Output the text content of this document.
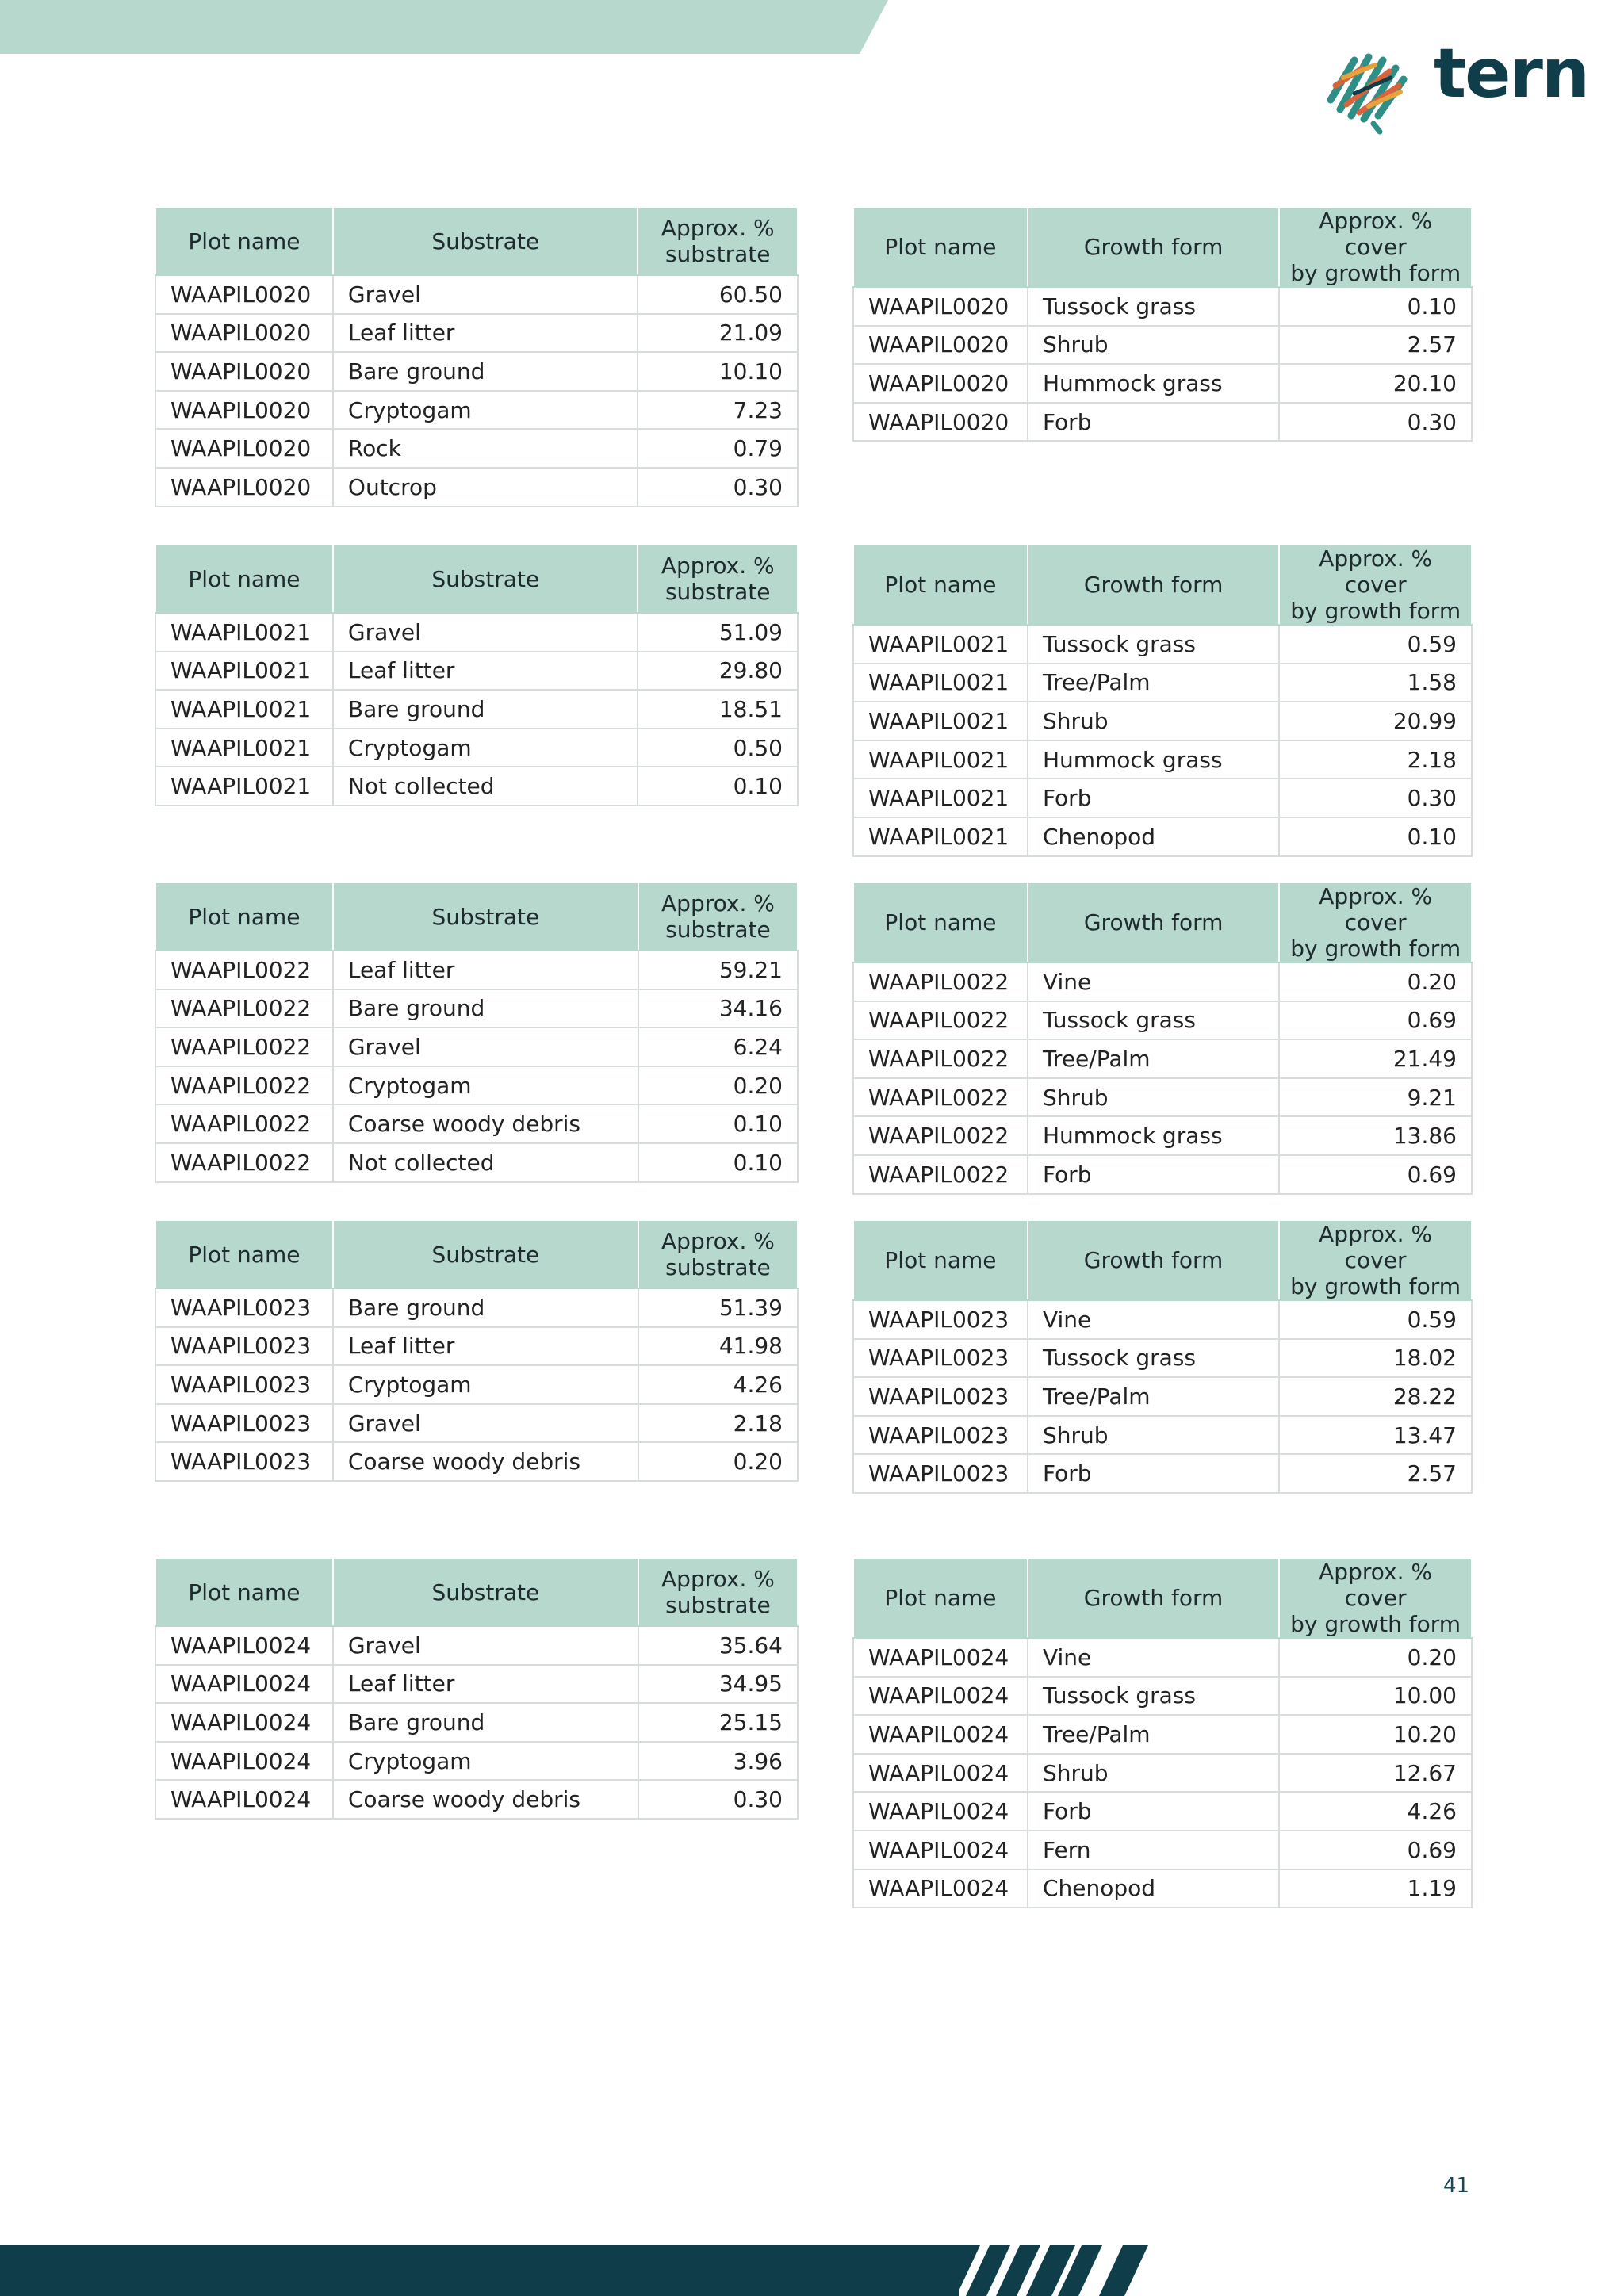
tern
Plot name	Substrate	Approx. %
substrate
WAAPIL0020	Gravel	60.50
WAAPIL0020	Leaf litter	21.09
WAAPIL0020	Bare ground	10.10
WAAPIL0020	Cryptogam	7.23
WAAPIL0020	Rock	0.79
WAAPIL0020	Outcrop	0.30
Plot name	Growth form	Approx. % cover
by growth form
WAAPIL0020	Tussock grass	0.10
WAAPIL0020	Shrub	2.57
WAAPIL0020	Hummock grass	20.10
WAAPIL0020	Forb	0.30
Plot name	Substrate	Approx. %
substrate
WAAPIL0021	Gravel	51.09
WAAPIL0021	Leaf litter	29.80
WAAPIL0021	Bare ground	18.51
WAAPIL0021	Cryptogam	0.50
WAAPIL0021	Not collected	0.10
Plot name	Growth form	Approx. % cover
by growth form
WAAPIL0021	Tussock grass	0.59
WAAPIL0021	Tree/Palm	1.58
WAAPIL0021	Shrub	20.99
WAAPIL0021	Hummock grass	2.18
WAAPIL0021	Forb	0.30
WAAPIL0021	Chenopod	0.10
Plot name	Substrate	Approx. %
substrate
WAAPIL0022	Leaf litter	59.21
WAAPIL0022	Bare ground	34.16
WAAPIL0022	Gravel	6.24
WAAPIL0022	Cryptogam	0.20
WAAPIL0022	Coarse woody debris	0.10
WAAPIL0022	Not collected	0.10
Plot name	Growth form	Approx. % cover
by growth form
WAAPIL0022	Vine	0.20
WAAPIL0022	Tussock grass	0.69
WAAPIL0022	Tree/Palm	21.49
WAAPIL0022	Shrub	9.21
WAAPIL0022	Hummock grass	13.86
WAAPIL0022	Forb	0.69
Plot name	Substrate	Approx. %
substrate
WAAPIL0023	Bare ground	51.39
WAAPIL0023	Leaf litter	41.98
WAAPIL0023	Cryptogam	4.26
WAAPIL0023	Gravel	2.18
WAAPIL0023	Coarse woody debris	0.20
Plot name	Growth form	Approx. % cover
by growth form
WAAPIL0023	Vine	0.59
WAAPIL0023	Tussock grass	18.02
WAAPIL0023	Tree/Palm	28.22
WAAPIL0023	Shrub	13.47
WAAPIL0023	Forb	2.57
Plot name	Substrate	Approx. %
substrate
WAAPIL0024	Gravel	35.64
WAAPIL0024	Leaf litter	34.95
WAAPIL0024	Bare ground	25.15
WAAPIL0024	Cryptogam	3.96
WAAPIL0024	Coarse woody debris	0.30
Plot name	Growth form	Approx. % cover
by growth form
WAAPIL0024	Vine	0.20
WAAPIL0024	Tussock grass	10.00
WAAPIL0024	Tree/Palm	10.20
WAAPIL0024	Shrub	12.67
WAAPIL0024	Forb	4.26
WAAPIL0024	Fern	0.69
WAAPIL0024	Chenopod	1.19
41
